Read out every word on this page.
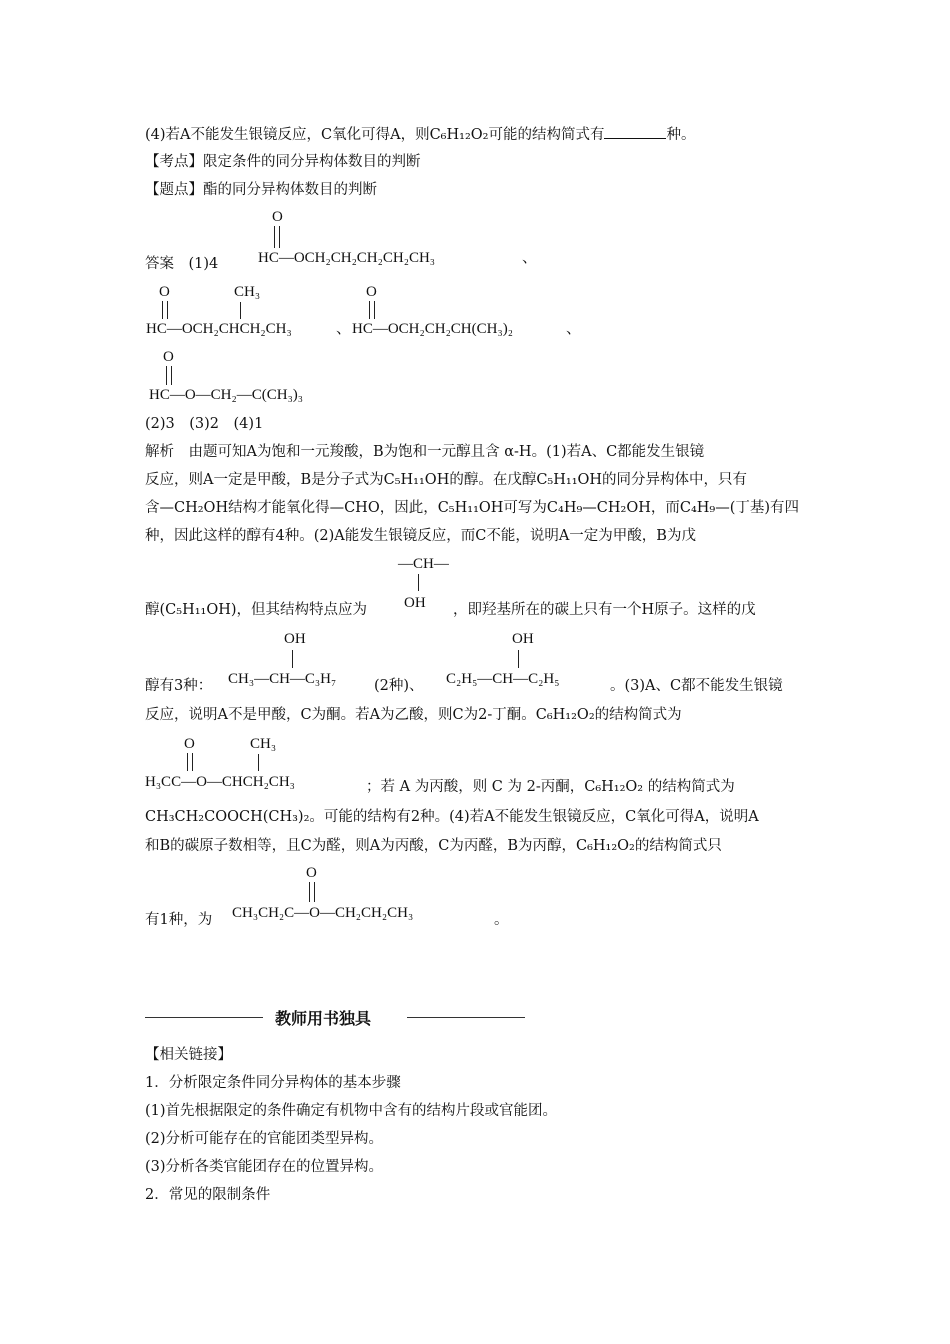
(4)若A不能发生银镜反应，C氧化可得A，则C₆H₁₂O₂可能的结构简式有	种。
【考点】限定条件的同分异构体数目的判断
【题点】酯的同分异构体数目的判断
答案　(1)4
O
HC—OCH₂CH₂CH₂CH₂CH₃	、
O	CH₃
HC—OCH₂CHCH₂CH₃	、
O
HC—OCH₂CH₂CH(CH₃)₂	、
O
HC—O—CH₂—C(CH₃)₃
(2)3　(3)2　(4)1
解析　由题可知A为饱和一元羧酸，B为饱和一元醇且含 α-H。(1)若A、C都能发生银镜
反应，则A一定是甲酸，B是分子式为C₅H₁₁OH的醇。在戊醇C₅H₁₁OH的同分异构体中，只有
含—CH₂OH结构才能氧化得—CHO，因此，C₅H₁₁OH可写为C₄H₉—CH₂OH，而C₄H₉—(丁基)有四
种，因此这样的醇有4种。(2)A能发生银镜反应，而C不能，说明A一定为甲酸，B为戊
—CH—
OH
醇(C₅H₁₁OH)，但其结构特点应为	，即羟基所在的碳上只有一个H原子。这样的戊
OH
CH₃—CH—C₃H₇
醇有3种：	(2种)、
OH
C₂H₅—CH—C₂H₅	。(3)A、C都不能发生银镜
反应，说明A不是甲酸，C为酮。若A为乙酸，则C为2-丁酮。C₆H₁₂O₂的结构简式为
O	CH₃
H₃CC—O—CHCH₂CH₃	；若 A 为丙酸，则 C 为 2-丙酮，C₆H₁₂O₂ 的结构简式为
CH₃CH₂COOCH(CH₃)₂。可能的结构有2种。(4)若A不能发生银镜反应，C氧化可得A，说明A
和B的碳原子数相等，且C为醛，则A为丙酸，C为丙醛，B为丙醇，C₆H₁₂O₂的结构简式只
O
CH₃CH₂C—O—CH₂CH₂CH₃
有1种，为	。
教师用书独具
【相关链接】
1．分析限定条件同分异构体的基本步骤
(1)首先根据限定的条件确定有机物中含有的结构片段或官能团。
(2)分析可能存在的官能团类型异构。
(3)分析各类官能团存在的位置异构。
2．常见的限制条件
